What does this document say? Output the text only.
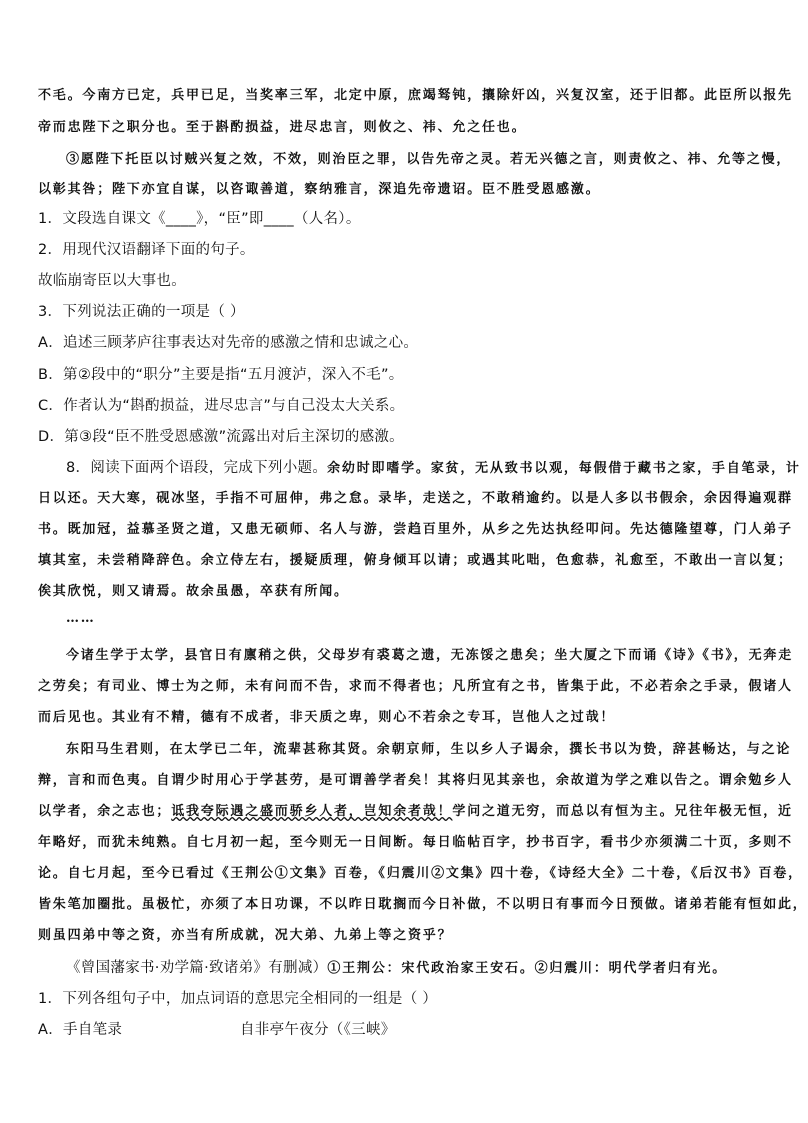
不毛。今南方已定，兵甲已足，当奖率三军，北定中原，庶竭驽钝，攘除奸凶，兴复汉室，还于旧都。此臣所以报先
帝而忠陛下之职分也。至于斟酌损益，进尽忠言，则攸之、祎、允之任也。
③愿陛下托臣以讨贼兴复之效，不效，则治臣之罪，以告先帝之灵。若无兴德之言，则责攸之、祎、允等之慢，
以彰其咎；陛下亦宜自谋，以咨诹善道，察纳雅言，深追先帝遗诏。臣不胜受恩感激。
1．文段选自课文《____》，“臣”即____（人名）。
2．用现代汉语翻译下面的句子。
故临崩寄臣以大事也。
3．下列说法正确的一项是（ ）
A．追述三顾茅庐往事表达对先帝的感激之情和忠诚之心。
B．第②段中的“职分”主要是指“五月渡泸，深入不毛”。
C．作者认为“斟酌损益，进尽忠言”与自己没太大关系。
D．第③段“臣不胜受恩感激”流露出对后主深切的感激。
8．阅读下面两个语段，完成下列小题。余幼时即嗜学。家贫，无从致书以观，每假借于藏书之家，手自笔录，计
日以还。天大寒，砚冰坚，手指不可屈伸，弗之怠。录毕，走送之，不敢稍逾约。以是人多以书假余，余因得遍观群
书。既加冠，益慕圣贤之道，又患无硕师、名人与游，尝趋百里外，从乡之先达执经叩问。先达德隆望尊，门人弟子
填其室，未尝稍降辞色。余立侍左右，援疑质理，俯身倾耳以请；或遇其叱咄，色愈恭，礼愈至，不敢出一言以复；
俟其欣悦，则又请焉。故余虽愚，卒获有所闻。
……
今诸生学于太学，县官日有廪稍之供，父母岁有裘葛之遗，无冻馁之患矣；坐大厦之下而诵《诗》《书》，无奔走
之劳矣；有司业、博士为之师，未有问而不告，求而不得者也；凡所宜有之书，皆集于此，不必若余之手录，假诸人
而后见也。其业有不精，德有不成者，非天质之卑，则心不若余之专耳，岂他人之过哉！
东阳马生君则，在太学已二年，流辈甚称其贤。余朝京师，生以乡人子谒余，撰长书以为贽，辞甚畅达，与之论
辩，言和而色夷。自谓少时用心于学甚劳，是可谓善学者矣！其将归见其亲也，余故道为学之难以告之。谓余勉乡人
以学者，余之志也；诋我夸际遇之盛而骄乡人者，岂知余者哉！学问之道无穷，而总以有恒为主。兄往年极无恒，近
年略好，而犹未纯熟。自七月初一起，至今则无一日间断。每日临帖百字，抄书百字，看书少亦须满二十页，多则不
论。自七月起，至今已看过《王荆公①文集》百卷，《归震川②文集》四十卷，《诗经大全》二十卷，《后汉书》百卷，
皆朱笔加圈批。虽极忙，亦须了本日功课，不以昨日耽搁而今日补做，不以明日有事而今日预做。诸弟若能有恒如此，
则虽四弟中等之资，亦当有所成就，况大弟、九弟上等之资乎？
《曾国藩家书·劝学篇·致诸弟》有删减）①王荆公：宋代政治家王安石。②归震川：明代学者归有光。
1．下列各组句子中，加点词语的意思完全相同的一组是（ ）
A．手自笔录	自非亭午夜分（《三峡》
